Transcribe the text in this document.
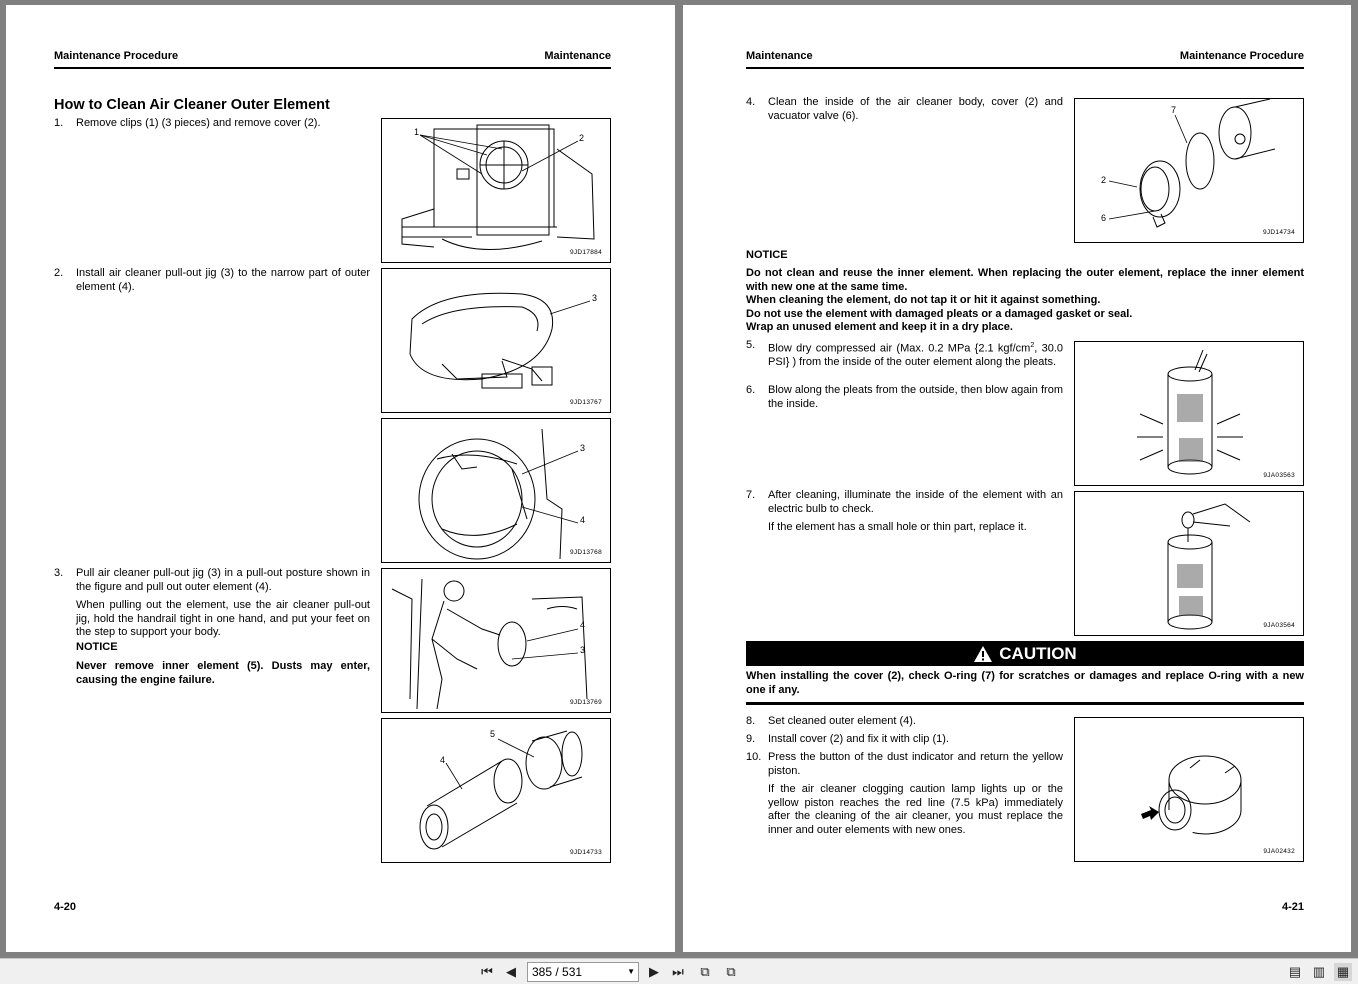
Maintenance Procedure	Maintenance
How to Clean Air Cleaner Outer Element
1. Remove clips (1) (3 pieces) and remove cover (2).
2. Install air cleaner pull-out jig (3) to the narrow part of outer element (4).
3. Pull air cleaner pull-out jig (3) in a pull-out posture shown in the figure and pull out outer element (4).
When pulling out the element, use the air cleaner pull-out jig, hold the handrail tight in one hand, and put your feet on the step to support your body.
NOTICE
Never remove inner element (5). Dusts may enter, causing the engine failure.
1
2
9JD17884
3
9JD13767
3
4
9JD13768
4
3
9JD13769
5
4
9JD14733
4-20
Maintenance	Maintenance Procedure
4. Clean the inside of the air cleaner body, cover (2) and vacuator valve (6).	7
2
6
9JD14734
NOTICE
Do not clean and reuse the inner element. When replacing the outer element, replace the inner element with new one at the same time.
When cleaning the element, do not tap it or hit it against something.
Do not use the element with damaged pleats or a damaged gasket or seal.
Wrap an unused element and keep it in a dry place.
5. Blow dry compressed air (Max. 0.2 MPa {2.1 kgf/$cm^2$, 30.0 PSI} ) from the inside of the outer element along the pleats.
6. Blow along the pleats from the outside, then blow again from the inside.
9JA03563
7. After cleaning, illuminate the inside of the element with an electric bulb to check.
If the element has a small hole or thin part, replace it.
9JA03564
CAUTION
When installing the cover (2), check O-ring (7) for scratches or damages and replace O-ring with a new one if any.
8. Set cleaned outer element (4).
9. Install cover (2) and fix it with clip (1).
10. Press the button of the dust indicator and return the yellow piston.
If the air cleaner clogging caution lamp lights up or the yellow piston reaches the red line (7.5 kPa) immediately after the cleaning of the air cleaner, you must replace the inner and outer elements with new ones.
9JA02432
4-21
⏮	◀	385 / 531	▼	▶	⏭	⧉	⧉	▤ ▥ ▦
